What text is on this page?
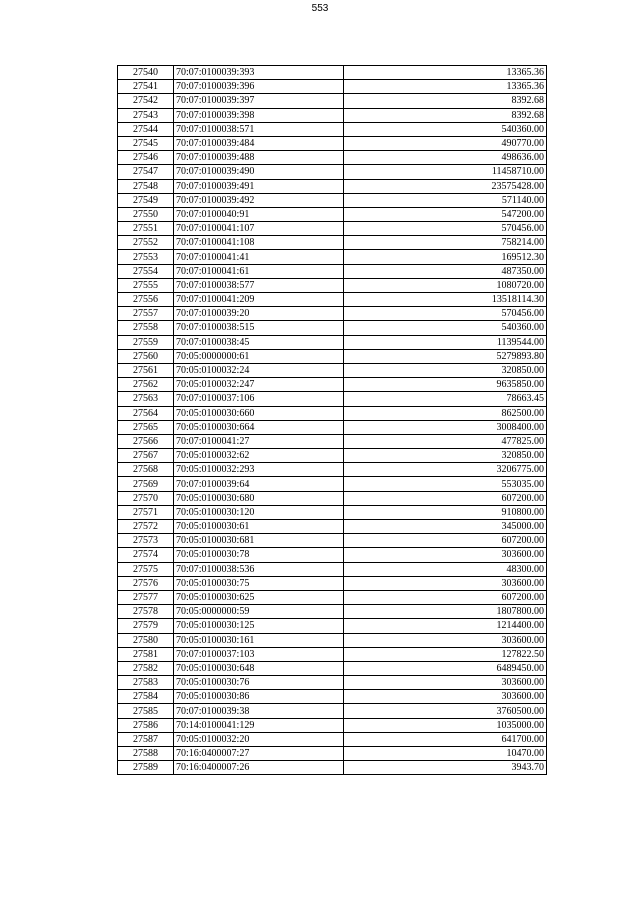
553
27540	70:07:0100039:393	13365.36
27541	70:07:0100039:396	13365.36
27542	70:07:0100039:397	8392.68
27543	70:07:0100039:398	8392.68
27544	70:07:0100038:571	540360.00
27545	70:07:0100039:484	490770.00
27546	70:07:0100039:488	498636.00
27547	70:07:0100039:490	11458710.00
27548	70:07:0100039:491	23575428.00
27549	70:07:0100039:492	571140.00
27550	70:07:0100040:91	547200.00
27551	70:07:0100041:107	570456.00
27552	70:07:0100041:108	758214.00
27553	70:07:0100041:41	169512.30
27554	70:07:0100041:61	487350.00
27555	70:07:0100038:577	1080720.00
27556	70:07:0100041:209	13518114.30
27557	70:07:0100039:20	570456.00
27558	70:07:0100038:515	540360.00
27559	70:07:0100038:45	1139544.00
27560	70:05:0000000:61	5279893.80
27561	70:05:0100032:24	320850.00
27562	70:05:0100032:247	9635850.00
27563	70:07:0100037:106	78663.45
27564	70:05:0100030:660	862500.00
27565	70:05:0100030:664	3008400.00
27566	70:07:0100041:27	477825.00
27567	70:05:0100032:62	320850.00
27568	70:05:0100032:293	3206775.00
27569	70:07:0100039:64	553035.00
27570	70:05:0100030:680	607200.00
27571	70:05:0100030:120	910800.00
27572	70:05:0100030:61	345000.00
27573	70:05:0100030:681	607200.00
27574	70:05:0100030:78	303600.00
27575	70:07:0100038:536	48300.00
27576	70:05:0100030:75	303600.00
27577	70:05:0100030:625	607200.00
27578	70:05:0000000:59	1807800.00
27579	70:05:0100030:125	1214400.00
27580	70:05:0100030:161	303600.00
27581	70:07:0100037:103	127822.50
27582	70:05:0100030:648	6489450.00
27583	70:05:0100030:76	303600.00
27584	70:05:0100030:86	303600.00
27585	70:07:0100039:38	3760500.00
27586	70:14:0100041:129	1035000.00
27587	70:05:0100032:20	641700.00
27588	70:16:0400007:27	10470.00
27589	70:16:0400007:26	3943.70
